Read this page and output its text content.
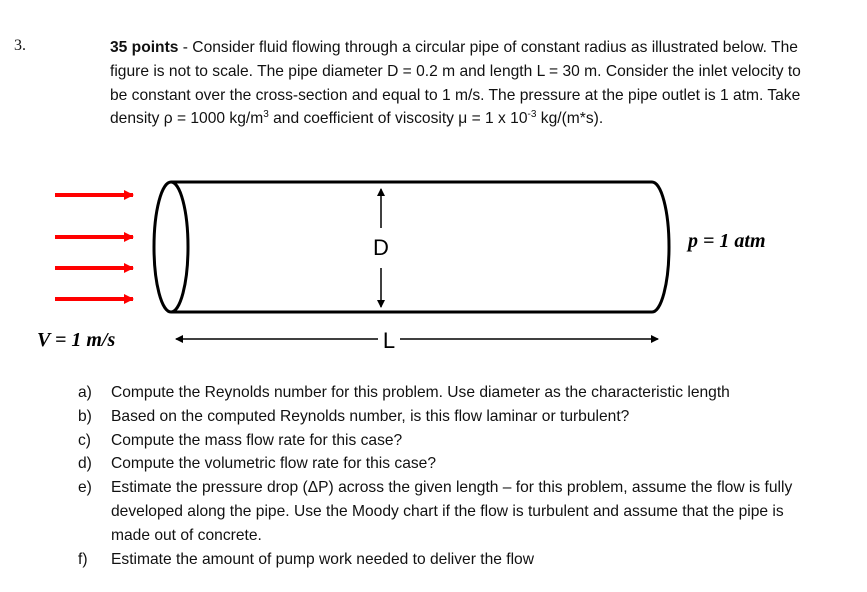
3.	35 points - Consider fluid flowing through a circular pipe of constant radius as illustrated below. The figure is not to scale. The pipe diameter D = 0.2 m and length L = 30 m. Consider the inlet velocity to be constant over the cross-section and equal to 1 m/s. The pressure at the pipe outlet is 1 atm. Take density ρ = 1000 $kg/m^3$ and coefficient of viscosity μ = 1 x $10^{-3}$ kg/(m*s).
D
L
V = 1 m/s
p = 1 atm
a) Compute the Reynolds number for this problem. Use diameter as the characteristic length
b) Based on the computed Reynolds number, is this flow laminar or turbulent?
c) Compute the mass flow rate for this case?
d) Compute the volumetric flow rate for this case?
e) Estimate the pressure drop (ΔP) across the given length – for this problem, assume the flow is fully developed along the pipe. Use the Moody chart if the flow is turbulent and assume that the pipe is made out of concrete.
f) Estimate the amount of pump work needed to deliver the flow
